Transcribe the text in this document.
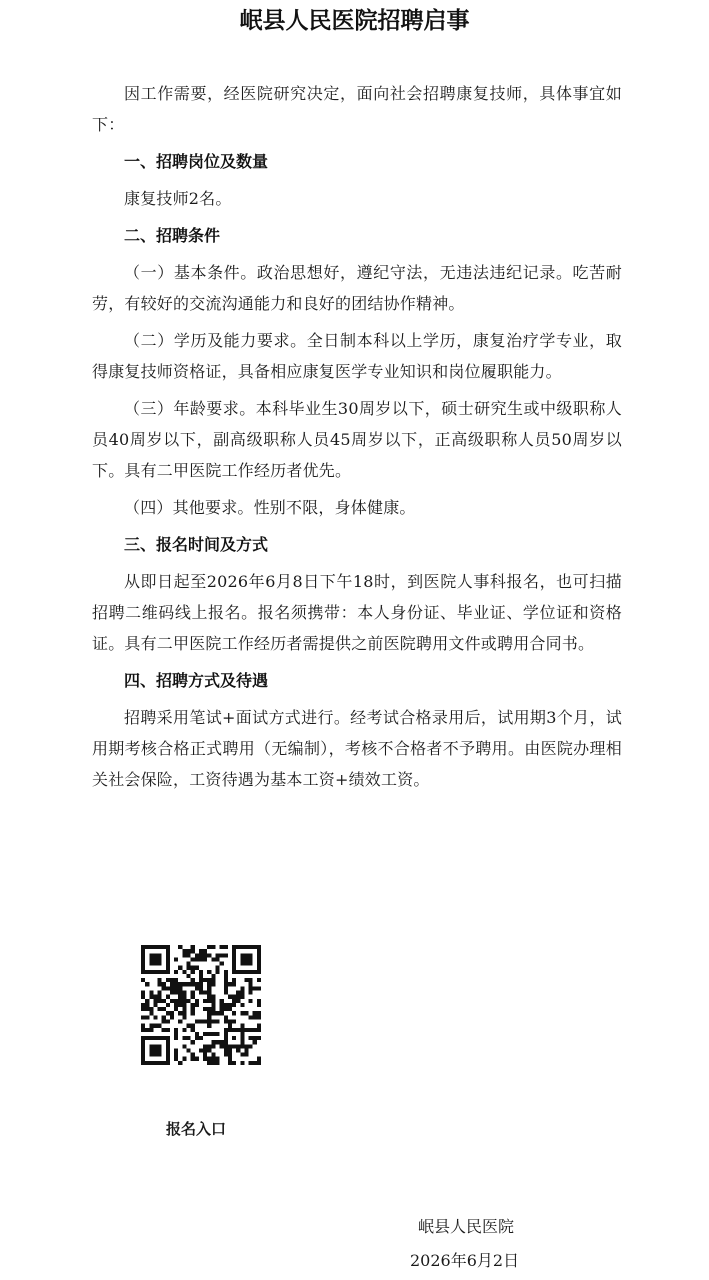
岷县人民医院招聘启事

因工作需要，经医院研究决定，面向社会招聘康复技师，具体事宜如下：

一、招聘岗位及数量

康复技师2名。

二、招聘条件

（一）基本条件。政治思想好，遵纪守法，无违法违纪记录。吃苦耐劳，有较好的交流沟通能力和良好的团结协作精神。

（二）学历及能力要求。全日制本科以上学历，康复治疗学专业，取得康复技师资格证，具备相应康复医学专业知识和岗位履职能力。

（三）年龄要求。本科毕业生30周岁以下，硕士研究生或中级职称人员40周岁以下，副高级职称人员45周岁以下，正高级职称人员50周岁以下。具有二甲医院工作经历者优先。

（四）其他要求。性别不限，身体健康。

三、报名时间及方式

从即日起至2026年6月8日下午18时，到医院人事科报名，也可扫描招聘二维码线上报名。报名须携带：本人身份证、毕业证、学位证和资格证。具有二甲医院工作经历者需提供之前医院聘用文件或聘用合同书。

四、招聘方式及待遇

招聘采用笔试+面试方式进行。经考试合格录用后，试用期3个月，试用期考核合格正式聘用（无编制），考核不合格者不予聘用。由医院办理相关社会保险，工资待遇为基本工资+绩效工资。

报名入口
岷县人民医院
2026年6月2日
